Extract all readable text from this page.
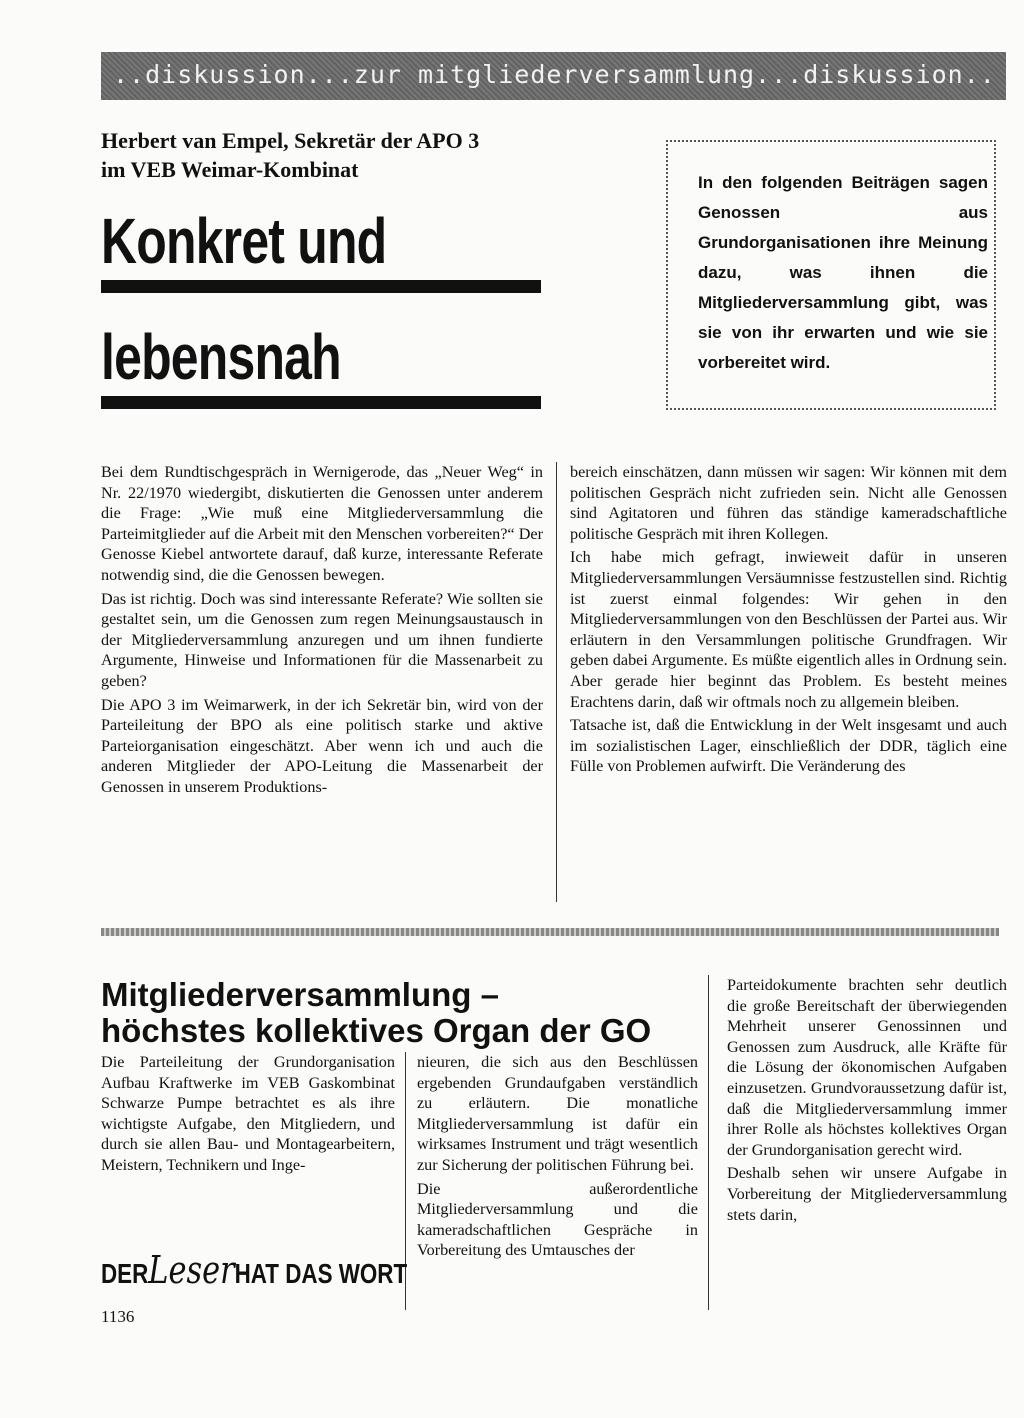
..diskussion...zur mitgliederversammlung...diskussion..
Herbert van Empel, Sekretär der APO 3
im VEB Weimar-Kombinat
Konkret und
lebensnah
In den folgenden Beiträgen sagen Genossen aus Grundorganisationen ihre Meinung dazu, was ihnen die Mitgliederversammlung gibt, was sie von ihr erwarten und wie sie vorbereitet wird.

Bei dem Rundtischgespräch in Wernigerode, das „Neuer Weg“ in Nr. 22/1970 wiedergibt, diskutierten die Genossen unter anderem die Frage: „Wie muß eine Mitgliederversammlung die Parteimitglieder auf die Arbeit mit den Menschen vorbereiten?“ Der Genosse Kiebel antwortete darauf, daß kurze, interessante Referate notwendig sind, die die Genossen bewegen.

Das ist richtig. Doch was sind interessante Referate? Wie sollten sie gestaltet sein, um die Genossen zum regen Meinungsaustausch in der Mitgliederversammlung anzuregen und um ihnen fundierte Argumente, Hinweise und Informationen für die Massenarbeit zu geben?

Die APO 3 im Weimarwerk, in der ich Sekretär bin, wird von der Parteileitung der BPO als eine politisch starke und aktive Parteiorganisation eingeschätzt. Aber wenn ich und auch die anderen Mitglieder der APO-Leitung die Massenarbeit der Genossen in unserem Produktions-

bereich einschätzen, dann müssen wir sagen: Wir können mit dem politischen Gespräch nicht zufrieden sein. Nicht alle Genossen sind Agitatoren und führen das ständige kameradschaftliche politische Gespräch mit ihren Kollegen.

Ich habe mich gefragt, inwieweit dafür in unseren Mitgliederversammlungen Versäumnisse festzustellen sind. Richtig ist zuerst einmal folgendes: Wir gehen in den Mitgliederversammlungen von den Beschlüssen der Partei aus. Wir erläutern in den Versammlungen politische Grundfragen. Wir geben dabei Argumente. Es müßte eigentlich alles in Ordnung sein. Aber gerade hier beginnt das Problem. Es besteht meines Erachtens darin, daß wir oftmals noch zu allgemein bleiben.

Tatsache ist, daß die Entwicklung in der Welt insgesamt und auch im sozialistischen Lager, einschließlich der DDR, täglich eine Fülle von Problemen aufwirft. Die Veränderung des

Mitgliederversammlung –
höchstes kollektives Organ der GO

Die Parteileitung der Grundorganisation Aufbau Kraftwerke im VEB Gaskombinat Schwarze Pumpe betrachtet es als ihre wichtigste Aufgabe, den Mitgliedern, und durch sie allen Bau- und Montagearbeitern, Meistern, Technikern und Inge-

nieuren, die sich aus den Beschlüssen ergebenden Grundaufgaben verständlich zu erläutern. Die monatliche Mitgliederversammlung ist dafür ein wirksames Instrument und trägt wesentlich zur Sicherung der politischen Führung bei.

Die außerordentliche Mitgliederversammlung und die kameradschaftlichen Gespräche in Vorbereitung des Umtausches der

Parteidokumente brachten sehr deutlich die große Bereitschaft der überwiegenden Mehrheit unserer Genossinnen und Genossen zum Ausdruck, alle Kräfte für die Lösung der ökonomischen Aufgaben einzusetzen. Grundvoraussetzung dafür ist, daß die Mitgliederversammlung immer ihrer Rolle als höchstes kollektives Organ der Grundorganisation gerecht wird.

Deshalb sehen wir unsere Aufgabe in Vorbereitung der Mitgliederversammlung stets darin,

DERLeserHAT DAS WORT
1136
